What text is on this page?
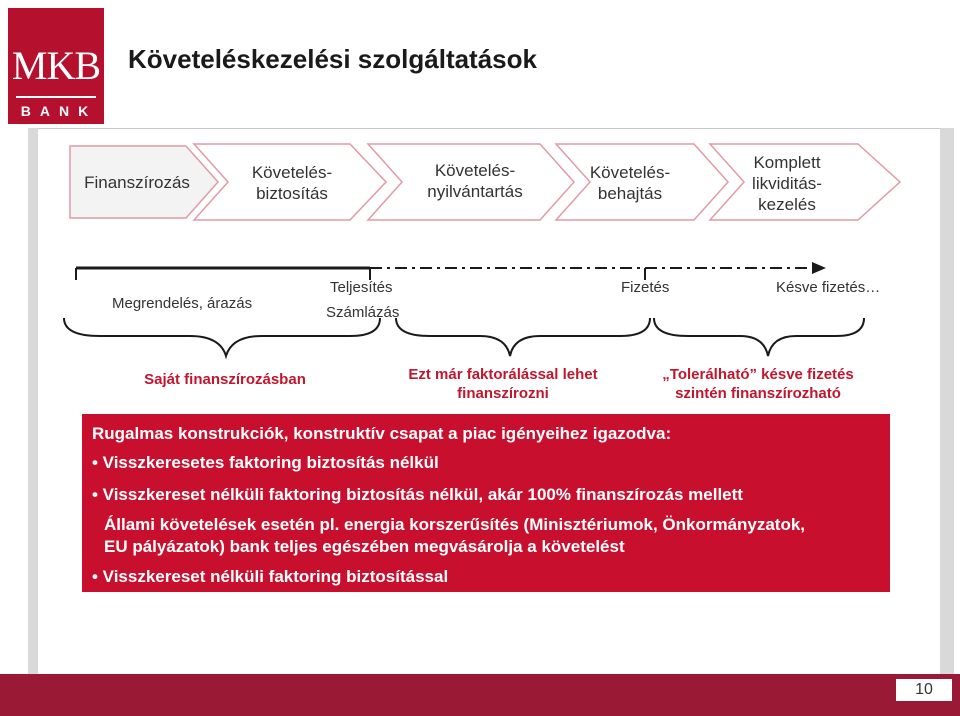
MKB
BANK
Követeléskezelési szolgáltatások
Finanszírozás
Követelés-
biztosítás
Követelés-
nyilvántartás
Követelés-
behajtás
Komplett
likviditás-
kezelés
Megrendelés, árazás
Teljesítés
Számlázás
Fizetés	Késve fizetés…
Saját finanszírozásban	Ezt már faktorálással lehet
finanszírozni
„Tolerálható” késve fizetés
szintén finanszírozható
Rugalmas konstrukciók, konstruktív csapat a piac igényeihez igazodva:
• Visszkeresetes faktoring biztosítás nélkül
• Visszkereset nélküli faktoring biztosítás nélkül, akár 100% finanszírozás mellett
Állami követelések esetén pl. energia korszerűsítés (Minisztériumok, Önkormányzatok,
EU pályázatok) bank teljes egészében megvásárolja a követelést
• Visszkereset nélküli faktoring biztosítással
10
